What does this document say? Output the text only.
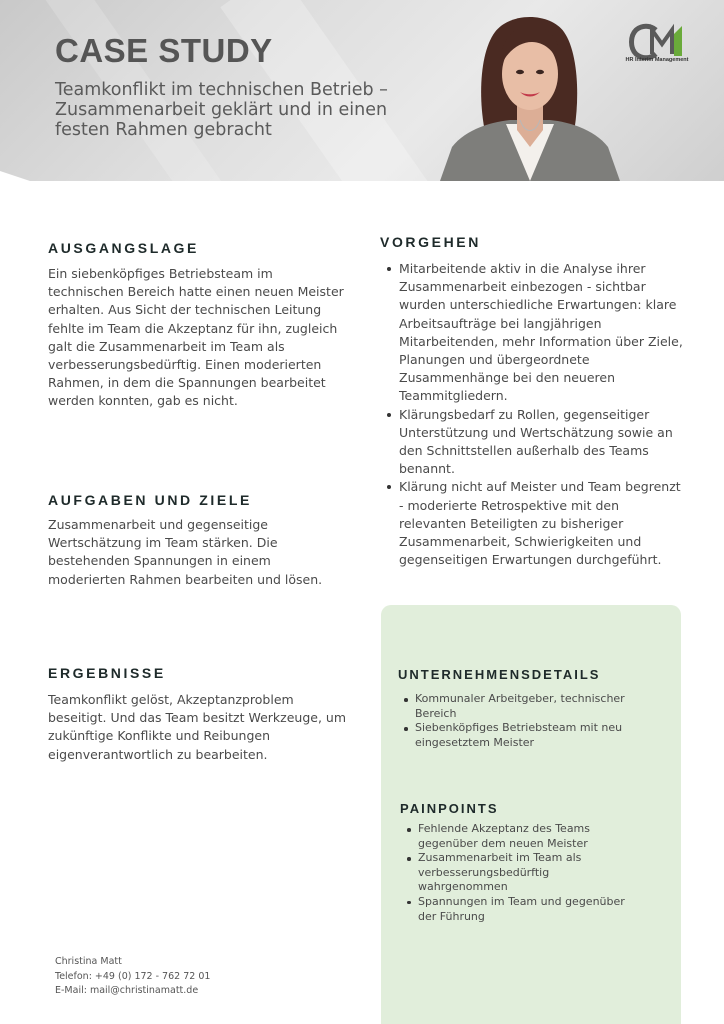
CASE STUDY
Teamkonflikt im technischen Betrieb – Zusammenarbeit geklärt und in einen festen Rahmen gebracht
HR Interim Management
AUSGANGSLAGE
Ein siebenköpfiges Betriebsteam im technischen Bereich hatte einen neuen Meister erhalten. Aus Sicht der technischen Leitung fehlte im Team die Akzeptanz für ihn, zugleich galt die Zusammenarbeit im Team als verbesserungsbedürftig. Einen moderierten Rahmen, in dem die Spannungen bearbeitet werden konnten, gab es nicht.
AUFGABEN UND ZIELE
Zusammenarbeit und gegenseitige Wertschätzung im Team stärken. Die bestehenden Spannungen in einem moderierten Rahmen bearbeiten und lösen.
ERGEBNISSE
Teamkonflikt gelöst, Akzeptanzproblem beseitigt. Und das Team besitzt Werkzeuge, um zukünftige Konflikte und Reibungen eigenverantwortlich zu bearbeiten.
VORGEHEN
Mitarbeitende aktiv in die Analyse ihrer Zusammenarbeit einbezogen - sichtbar wurden unterschiedliche Erwartungen: klare Arbeitsaufträge bei langjährigen Mitarbeitenden, mehr Information über Ziele, Planungen und übergeordnete Zusammenhänge bei den neueren Teammitgliedern.
Klärungsbedarf zu Rollen, gegenseitiger Unterstützung und Wertschätzung sowie an den Schnittstellen außerhalb des Teams benannt.
Klärung nicht auf Meister und Team begrenzt - moderierte Retrospektive mit den relevanten Beteiligten zu bisheriger Zusammenarbeit, Schwierigkeiten und gegenseitigen Erwartungen durchgeführt.
UNTERNEHMENSDETAILS
Kommunaler Arbeitgeber, technischer Bereich
Siebenköpfiges Betriebsteam mit neu eingesetztem Meister
PAINPOINTS
Fehlende Akzeptanz des Teams gegenüber dem neuen Meister
Zusammenarbeit im Team als verbesserungsbedürftig wahrgenommen
Spannungen im Team und gegenüber der Führung
Christina Matt
Telefon: +49 (0) 172 - 762 72 01
E-Mail: mail@christinamatt.de
